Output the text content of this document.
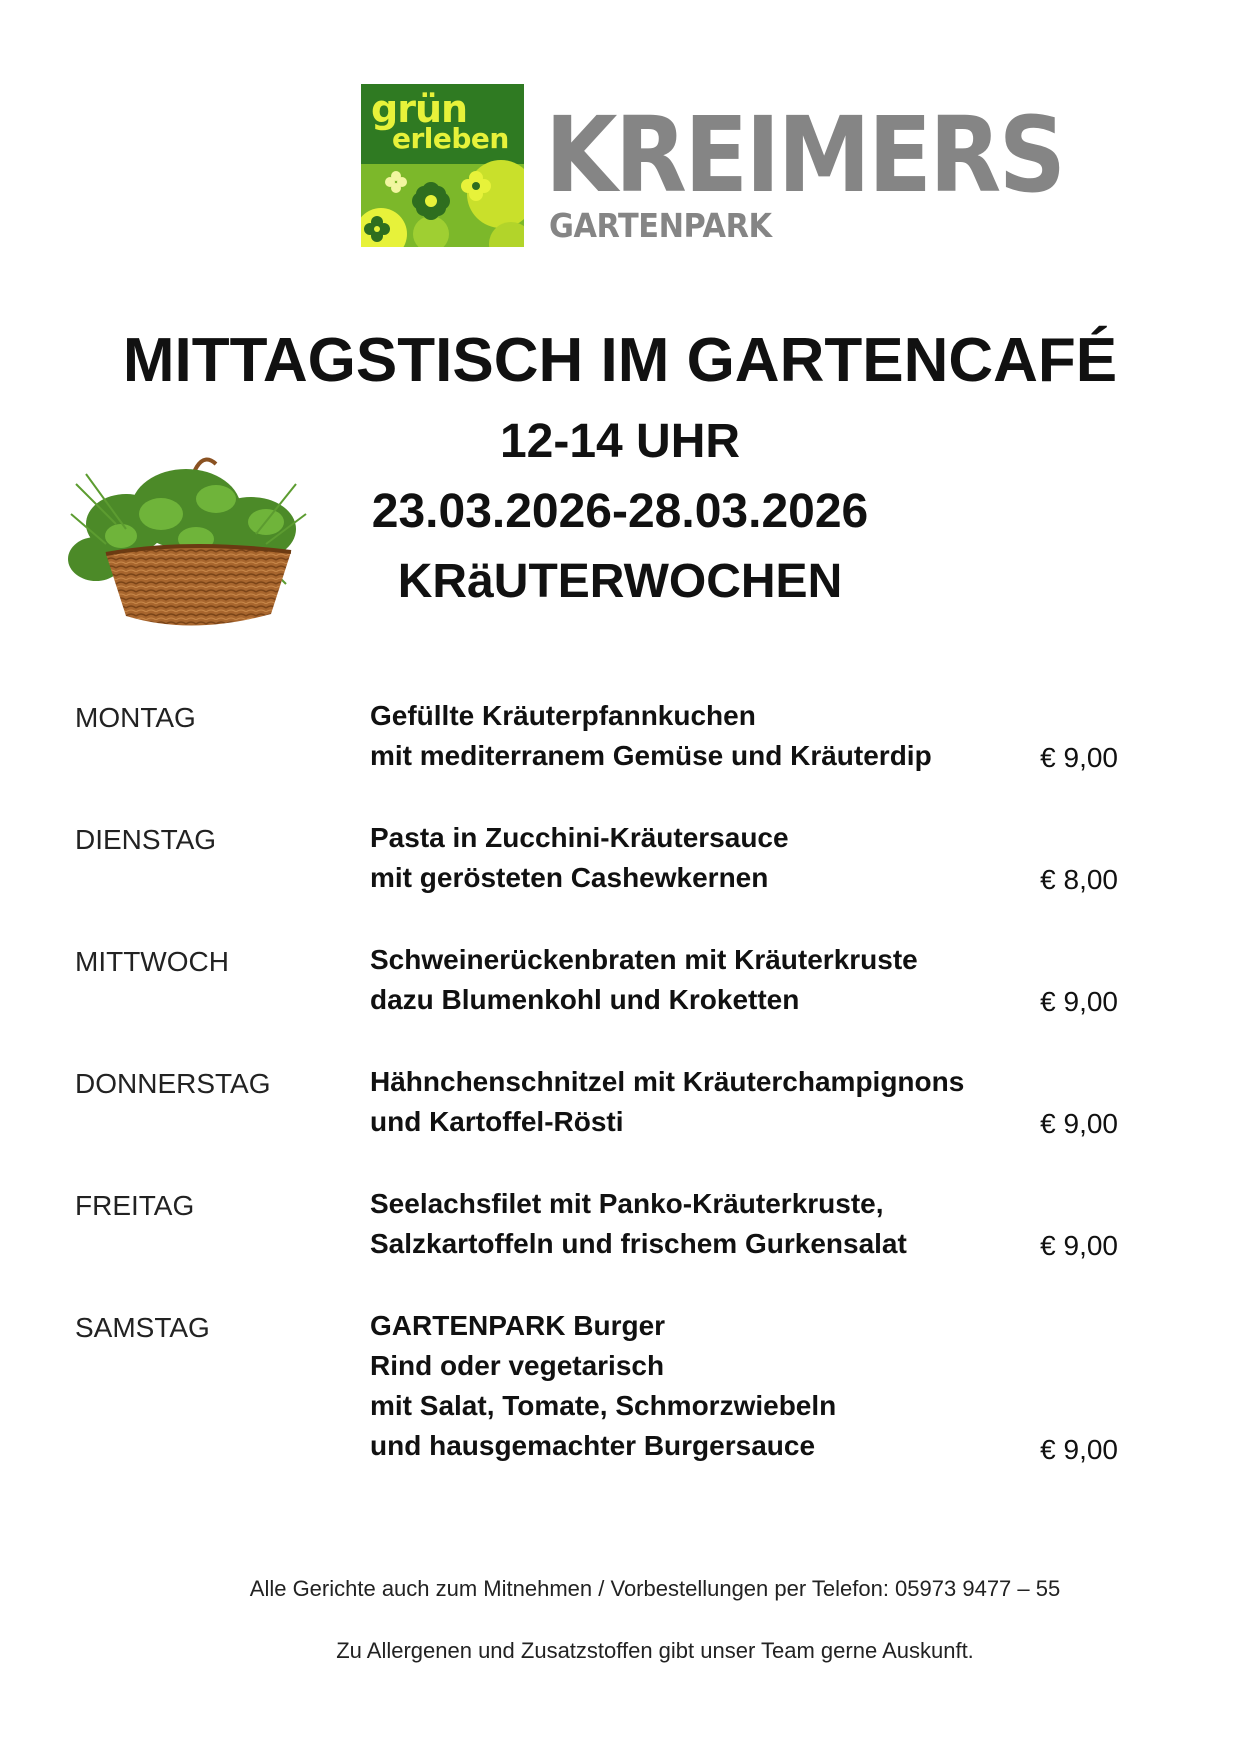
grün
erleben KREIMERS
GARTENPARK
MITTAGSTISCH IM GARTENCAFÉ
12-14 UHR
23.03.2026-28.03.2026
KRäUTERWOCHEN
MONTAG	Gefüllte Kräuterpfannkuchen
mit mediterranem Gemüse und Kräuterdip	€ 9,00
DIENSTAG	Pasta in Zucchini-Kräutersauce
mit gerösteten Cashewkernen	€ 8,00
MITTWOCH	Schweinerückenbraten mit Kräuterkruste
dazu Blumenkohl und Kroketten	€ 9,00
DONNERSTAG	Hähnchenschnitzel mit Kräuterchampignons
und Kartoffel-Rösti	€ 9,00
FREITAG	Seelachsfilet mit Panko-Kräuterkruste,
Salzkartoffeln und frischem Gurkensalat	€ 9,00
SAMSTAG	GARTENPARK Burger
Rind oder vegetarisch
mit Salat, Tomate, Schmorzwiebeln
und hausgemachter Burgersauce	€ 9,00
Alle Gerichte auch zum Mitnehmen / Vorbestellungen per Telefon: 05973 9477 – 55
Zu Allergenen und Zusatzstoffen gibt unser Team gerne Auskunft.
